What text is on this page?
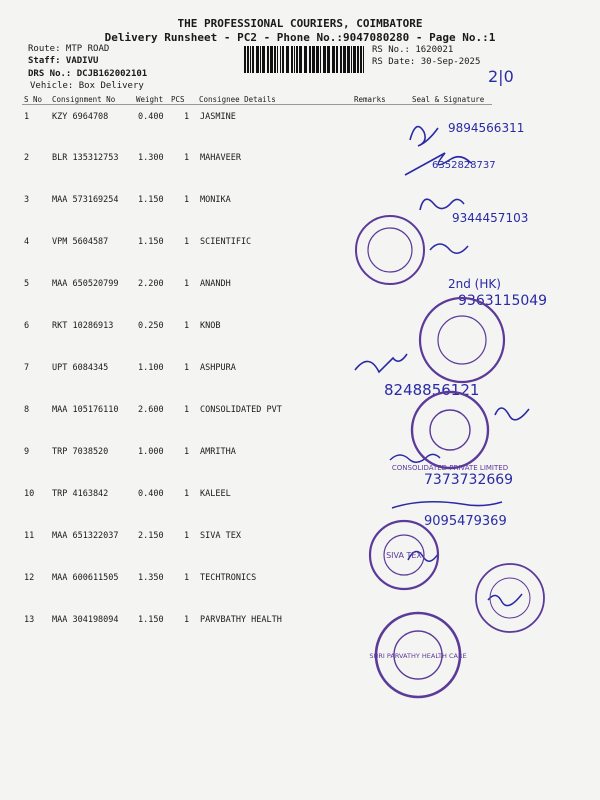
THE PROFESSIONAL COURIERS, COIMBATORE
Delivery Runsheet - PC2 - Phone No.:9047080280 - Page No.:1
Route: MTP ROAD
Staff: VADIVU
DRS No.: DCJB162002101
Vehicle: Box Delivery
RS No.: 1620021
RS Date: 30-Sep-2025
S No Consignment No	Weight PCS Consignee Details	Remarks	Seal & Signature
1	KZY 6964708	0.400 1 JASMINE
2	BLR 135312753 1.300 1 MAHAVEER
3	MAA 573169254 1.150 1 MONIKA
4	VPM 5604587	1.150 1 SCIENTIFIC
5	MAA 650520799 2.200 1 ANANDH
6	RKT 10286913	0.250 1 KNOB
7	UPT 6084345	1.100 1 ASHPURA
8	MAA 105176110 2.600 1 CONSOLIDATED PVT
9	TRP 7038520	1.000 1 AMRITHA
10 TRP 4163842	0.400 1 KALEEL
11 MAA 651322037 2.150 1 SIVA TEX
12 MAA 600611505 1.350 1 TECHTRONICS
13 MAA 304198094 1.150 1 PARVBATHY HEALTH
2|0
9894566311
6352828737
9344457103
2nd (HK)
9363115049
8248856121
7373732669
9095479369
CONSOLIDATED PRIVATE LIMITED
SIVA TEX
SHRI PARVATHY HEALTH CARE
